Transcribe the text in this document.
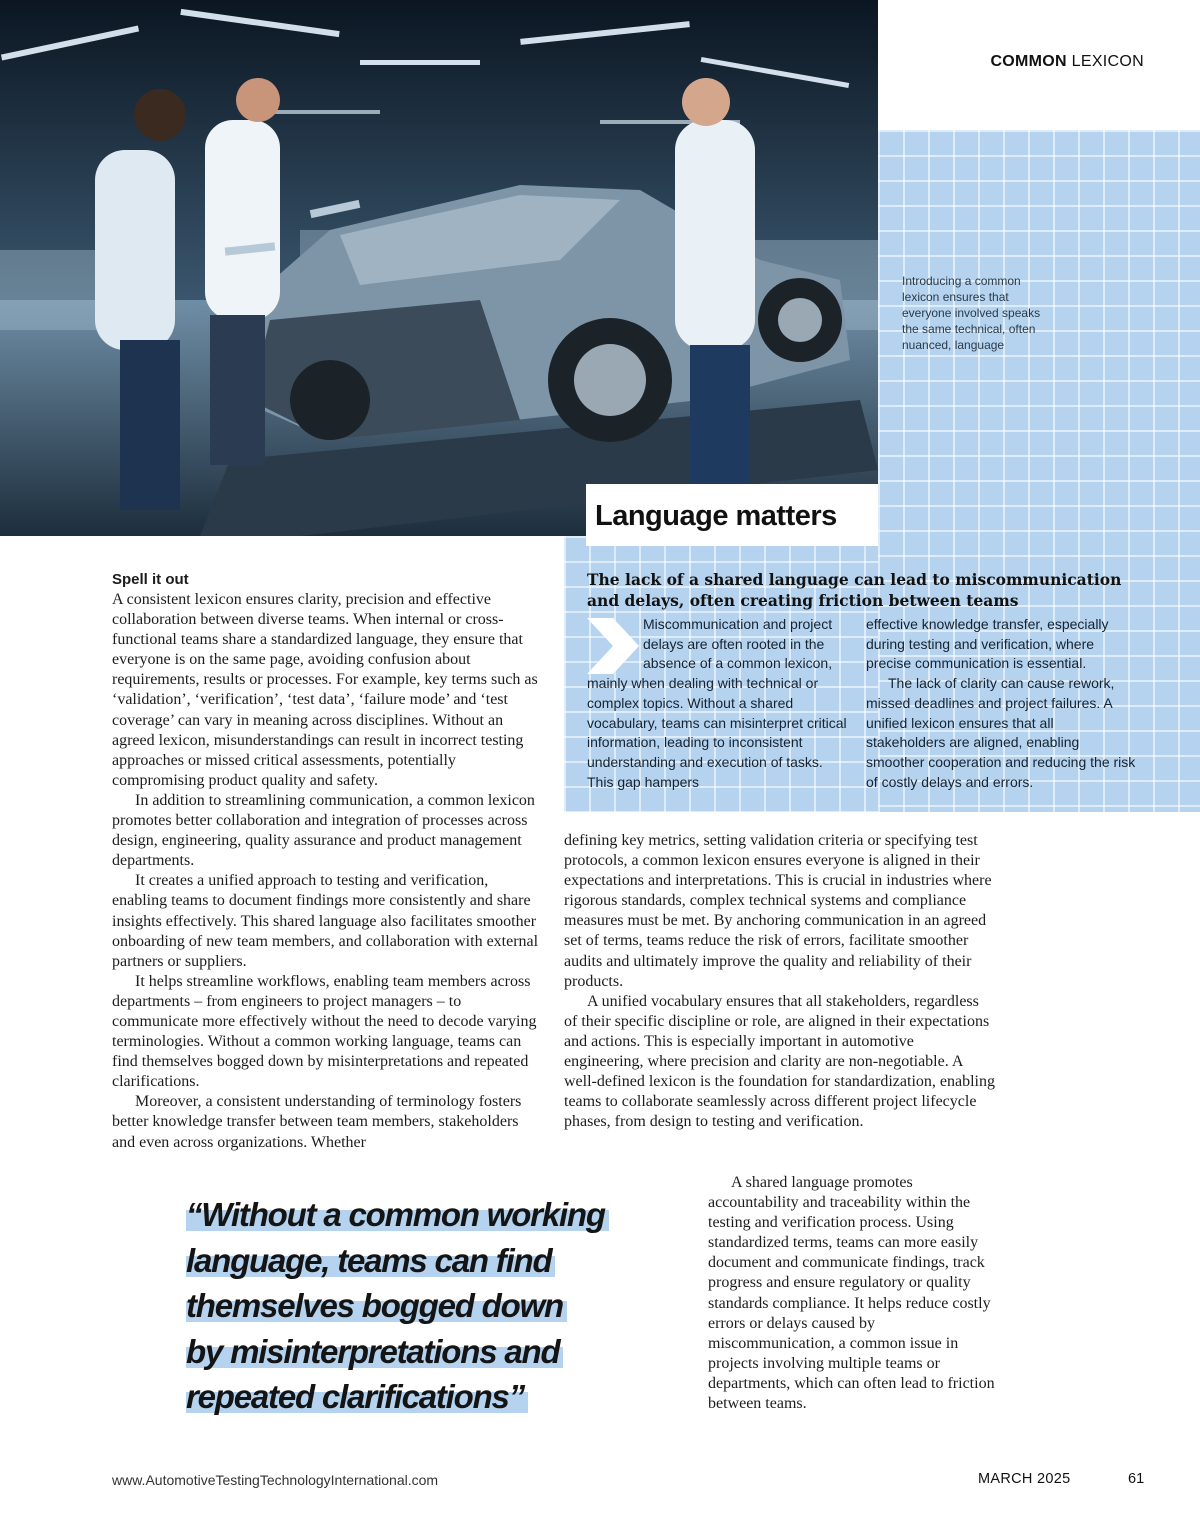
COMMON LEXICON
Introducing a common lexicon ensures that everyone involved speaks the same technical, often nuanced, language
Language matters

The lack of a shared language can lead to miscommunication and delays, often creating friction between teams

Miscommunication and project delays are often rooted in the absence of a common lexicon, mainly when dealing with technical or complex topics. Without a shared vocabulary, teams can misinterpret critical information, leading to inconsistent understanding and execution of tasks. This gap hampers

effective knowledge transfer, especially during testing and verification, where precise communication is essential.

The lack of clarity can cause rework, missed deadlines and project failures. A unified lexicon ensures that all stakeholders are aligned, enabling smoother cooperation and reducing the risk of costly delays and errors.

Spell it out

A consistent lexicon ensures clarity, precision and effective collaboration between diverse teams. When internal or cross-functional teams share a standardized language, they ensure that everyone is on the same page, avoiding confusion about requirements, results or processes. For example, key terms such as ‘validation’, ‘verification’, ‘test data’, ‘failure mode’ and ‘test coverage’ can vary in meaning across disciplines. Without an agreed lexicon, misunderstandings can result in incorrect testing approaches or missed critical assessments, potentially compromising product quality and safety.

In addition to streamlining communication, a common lexicon promotes better collaboration and integration of processes across design, engineering, quality assurance and product management departments.

It creates a unified approach to testing and verification, enabling teams to document findings more consistently and share insights effectively. This shared language also facilitates smoother onboarding of new team members, and collaboration with external partners or suppliers.

It helps streamline workflows, enabling team members across departments – from engineers to project managers – to communicate more effectively without the need to decode varying terminologies. Without a common working language, teams can find themselves bogged down by misinterpretations and repeated clarifications.

Moreover, a consistent understanding of terminology fosters better knowledge transfer between team members, stakeholders and even across organizations. Whether

defining key metrics, setting validation criteria or specifying test protocols, a common lexicon ensures everyone is aligned in their expectations and interpretations. This is crucial in industries where rigorous standards, complex technical systems and compliance measures must be met. By anchoring communication in an agreed set of terms, teams reduce the risk of errors, facilitate smoother audits and ultimately improve the quality and reliability of their products.

A unified vocabulary ensures that all stakeholders, regardless of their specific discipline or role, are aligned in their expectations and actions. This is especially important in automotive engineering, where precision and clarity are non-negotiable. A well-defined lexicon is the foundation for standardization, enabling teams to collaborate seamlessly across different project lifecycle phases, from design to testing and verification.

A shared language promotes accountability and traceability within the testing and verification process. Using standardized terms, teams can more easily document and communicate findings, track progress and ensure regulatory or quality standards compliance. It helps reduce costly errors or delays caused by miscommunication, a common issue in projects involving multiple teams or departments, which can often lead to friction between teams.

“Without a common working
language, teams can find
themselves bogged down
by misinterpretations and
repeated clarifications”

www.AutomotiveTestingTechnologyInternational.com	MARCH 2025	61
